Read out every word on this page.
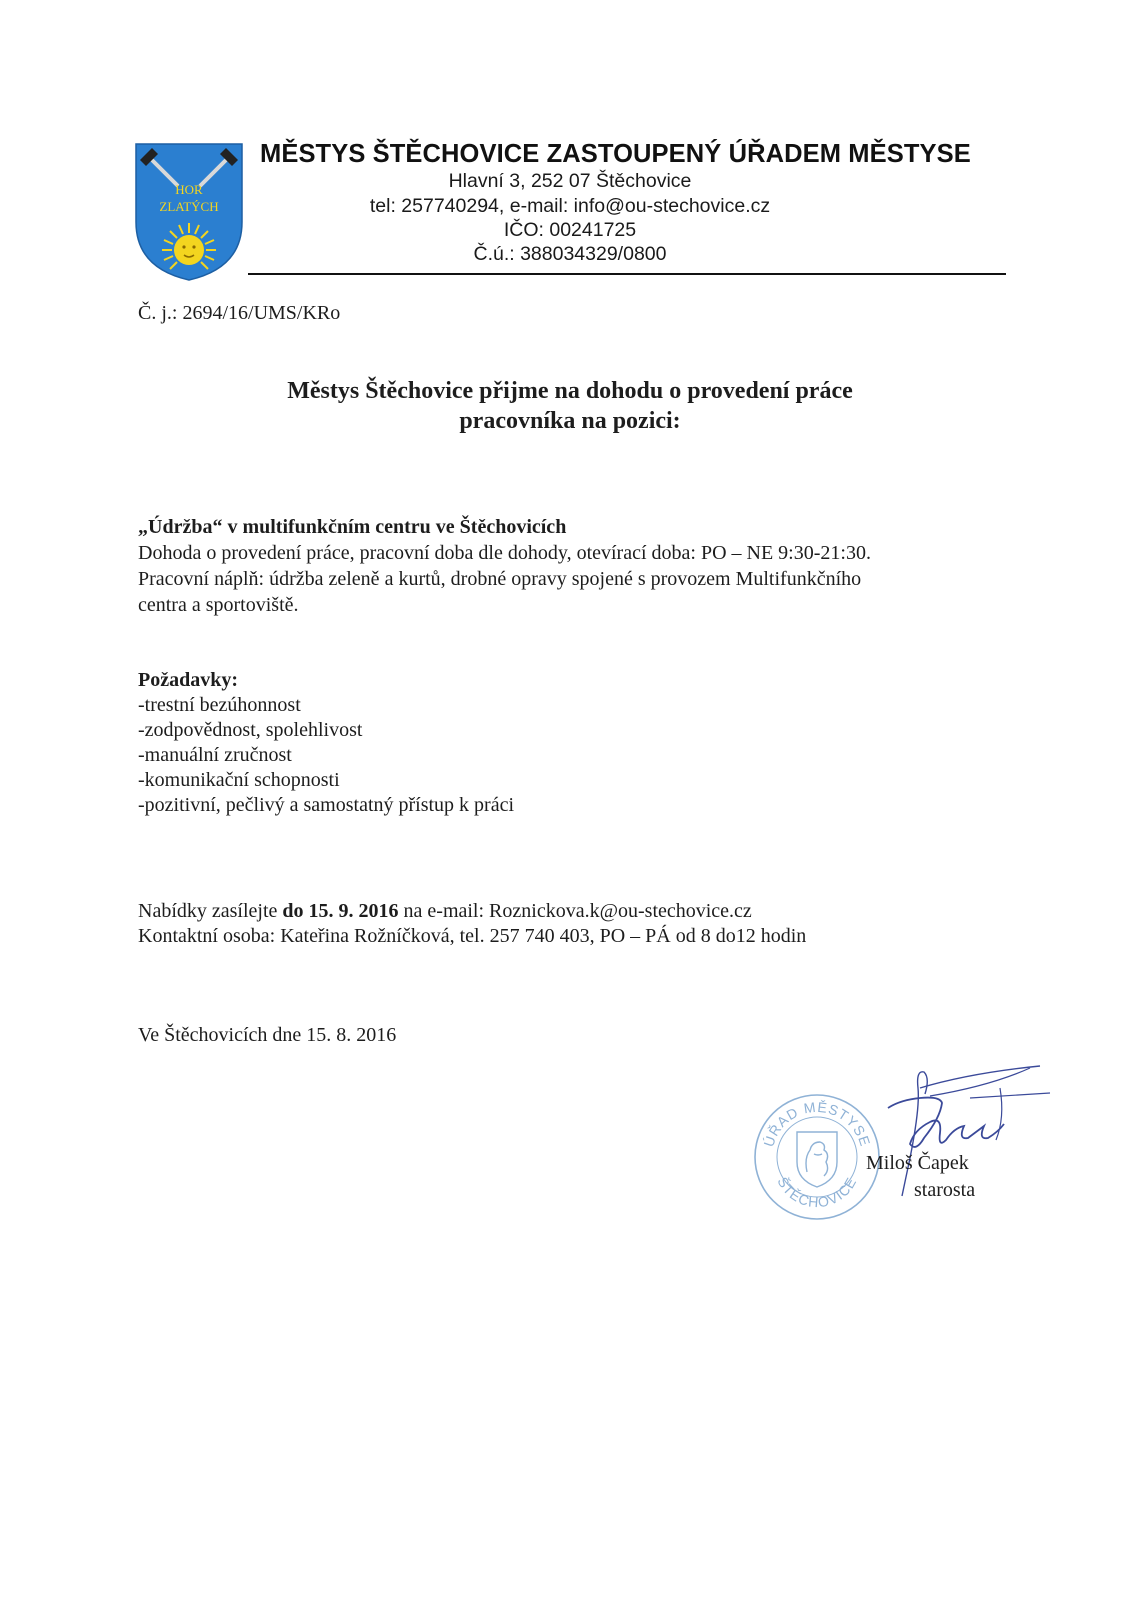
HOR
ZLATÝCH
MĚSTYS ŠTĚCHOVICE ZASTOUPENÝ ÚŘADEM MĚSTYSE
Hlavní 3, 252 07 Štěchovice
tel: 257740294, e-mail: info@ou-stechovice.cz
IČO: 00241725
Č.ú.: 388034329/0800
Č. j.: 2694/16/UMS/KRo
Městys Štěchovice přijme na dohodu o provedení práce
pracovníka na pozici:
„Údržba“ v multifunkčním centru ve Štěchovicích
Dohoda o provedení práce, pracovní doba dle dohody, otevírací doba: PO – NE 9:30-21:30.
Pracovní náplň: údržba zeleně a kurtů, drobné opravy spojené s provozem Multifunkčního
centra a sportoviště.
Požadavky:
-trestní bezúhonnost
-zodpovědnost, spolehlivost
-manuální zručnost
-komunikační schopnosti
-pozitivní, pečlivý a samostatný přístup k práci
Nabídky zasílejte do 15. 9. 2016 na e-mail: Roznickova.k@ou-stechovice.cz
Kontaktní osoba: Kateřina Rožníčková, tel. 257 740 403, PO – PÁ od 8 do12 hodin
Ve Štěchovicích dne 15. 8. 2016
ÚŘAD MĚSTYSE
ŠTĚCHOVICE
Miloš Čapek
starosta
